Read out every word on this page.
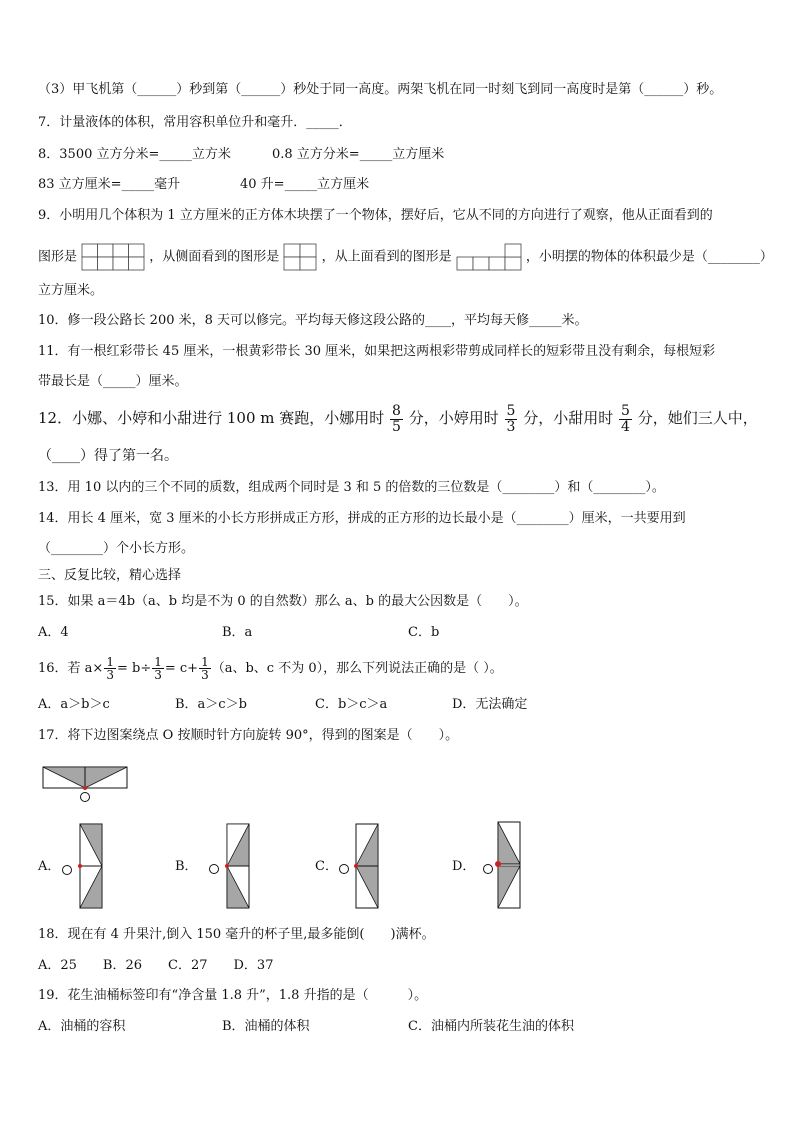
（3）甲飞机第（______）秒到第（______）秒处于同一高度。两架飞机在同一时刻飞到同一高度时是第（______）秒。
7．计量液体的体积，常用容积单位升和毫升．_____．
8．3500 立方分米=_____立方米	0.8 立方分米=_____立方厘米
83 立方厘米=_____毫升	40 升=_____立方厘米
9．小明用几个体积为 1 立方厘米的正方体木块摆了一个物体，摆好后，它从不同的方向进行了观察，他从正面看到的
图形是	，从侧面看到的图形是	，从上面看到的图形是	，小明摆的物体的体积最少是（________）
立方厘米。
10．修一段公路长 200 米，8 天可以修完。平均每天修这段公路的____，平均每天修_____米。
11．有一根红彩带长 45 厘米，一根黄彩带长 30 厘米，如果把这两根彩带剪成同样长的短彩带且没有剩余，每根短彩
带最长是（_____）厘米。
12．小娜、小婷和小甜进行 100 m 赛跑，小娜用时 $\frac{8}{5}$ 分，小婷用时 $\frac{5}{3}$ 分，小甜用时 $\frac{5}{4}$ 分，她们三人中，
（____）得了第一名。
13．用 10 以内的三个不同的质数，组成两个同时是 3 和 5 的倍数的三位数是（________）和（________）。
14．用长 4 厘米，宽 3 厘米的小长方形拼成正方形，拼成的正方形的边长最小是（________）厘米，一共要用到
（________）个小长方形。
三、反复比较，精心选择
15．如果 a＝4b（a、b 均是不为 0 的自然数）那么 a、b 的最大公因数是（　　）。
A．4	B．a	C．b
16．若 $a\times \frac{1}{3} = b\div \frac{1}{3} = c+ \frac{1}{3} (a$、b、c 不为 0），那么下列说法正确的是（ ）。
A．a＞b＞c	B．a＞c＞b	C．b＞c＞a	D．无法确定
17．将下边图案绕点 O 按顺时针方向旋转 90°，得到的图案是（　　）。
A．	B．	C．	D．
18．现在有 4 升果汁,倒入 150 毫升的杯子里,最多能倒(　　)满杯。
A．25　　B．26　　C．27　　D．37
19．花生油桶标签印有“净含量 1.8 升”，1.8 升指的是（　　　）。
A．油桶的容积	B．油桶的体积	C．油桶内所装花生油的体积
